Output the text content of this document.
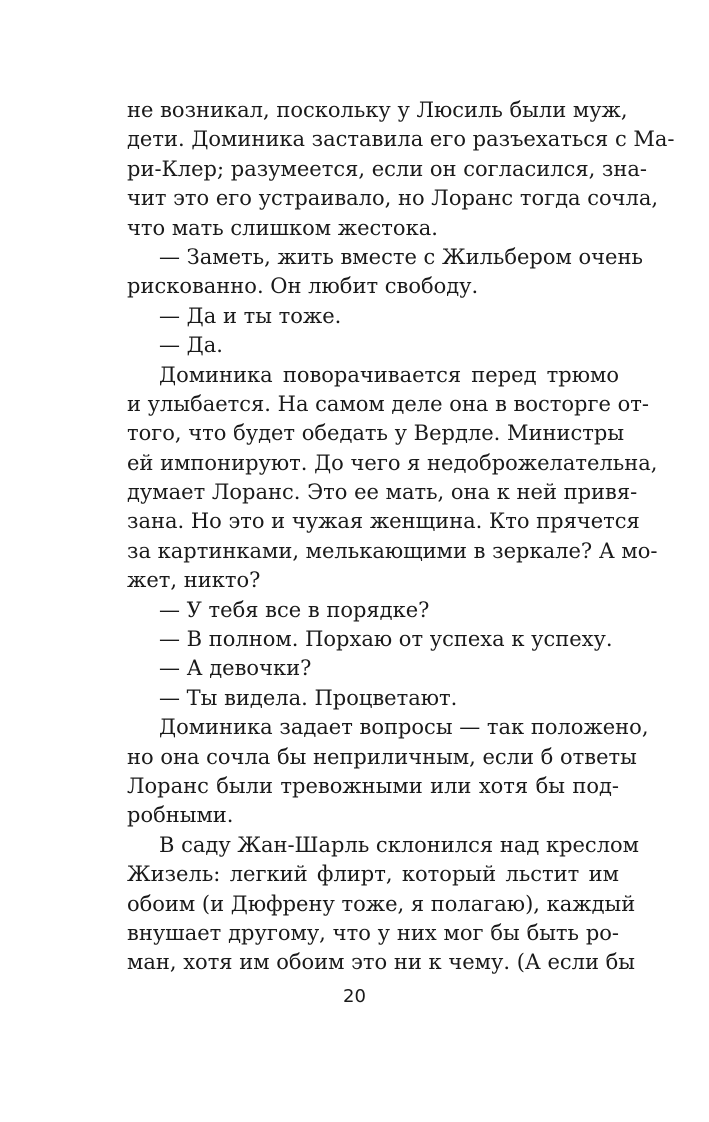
не возникал, поскольку у Люсиль были муж,
дети. Доминика заставила его разъехаться с Ма-
ри-Клер; разумеется, если он согласился, зна-
чит это его устраивало, но Лоранс тогда сочла,
что мать слишком жестока.
— Заметь, жить вместе с Жильбером очень
рискованно. Он любит свободу.
— Да и ты тоже.
— Да.
Доминика поворачивается перед трюмо
и улыбается. На самом деле она в восторге от-
того, что будет обедать у Вердле. Министры
ей импонируют. До чего я недоброжелательна,
думает Лоранс. Это ее мать, она к ней привя-
зана. Но это и чужая женщина. Кто прячется
за картинками, мелькающими в зеркале? А мо-
жет, никто?
— У тебя все в порядке?
— В полном. Порхаю от успеха к успеху.
— А девочки?
— Ты видела. Процветают.
Доминика задает вопросы — так положено,
но она сочла бы неприличным, если б ответы
Лоранс были тревожными или хотя бы под-
робными.
В саду Жан-Шарль склонился над креслом
Жизель: легкий флирт, который льстит им
обоим (и Дюфрену тоже, я полагаю), каждый
внушает другому, что у них мог бы быть ро-
ман, хотя им обоим это ни к чему. (А если бы
20
